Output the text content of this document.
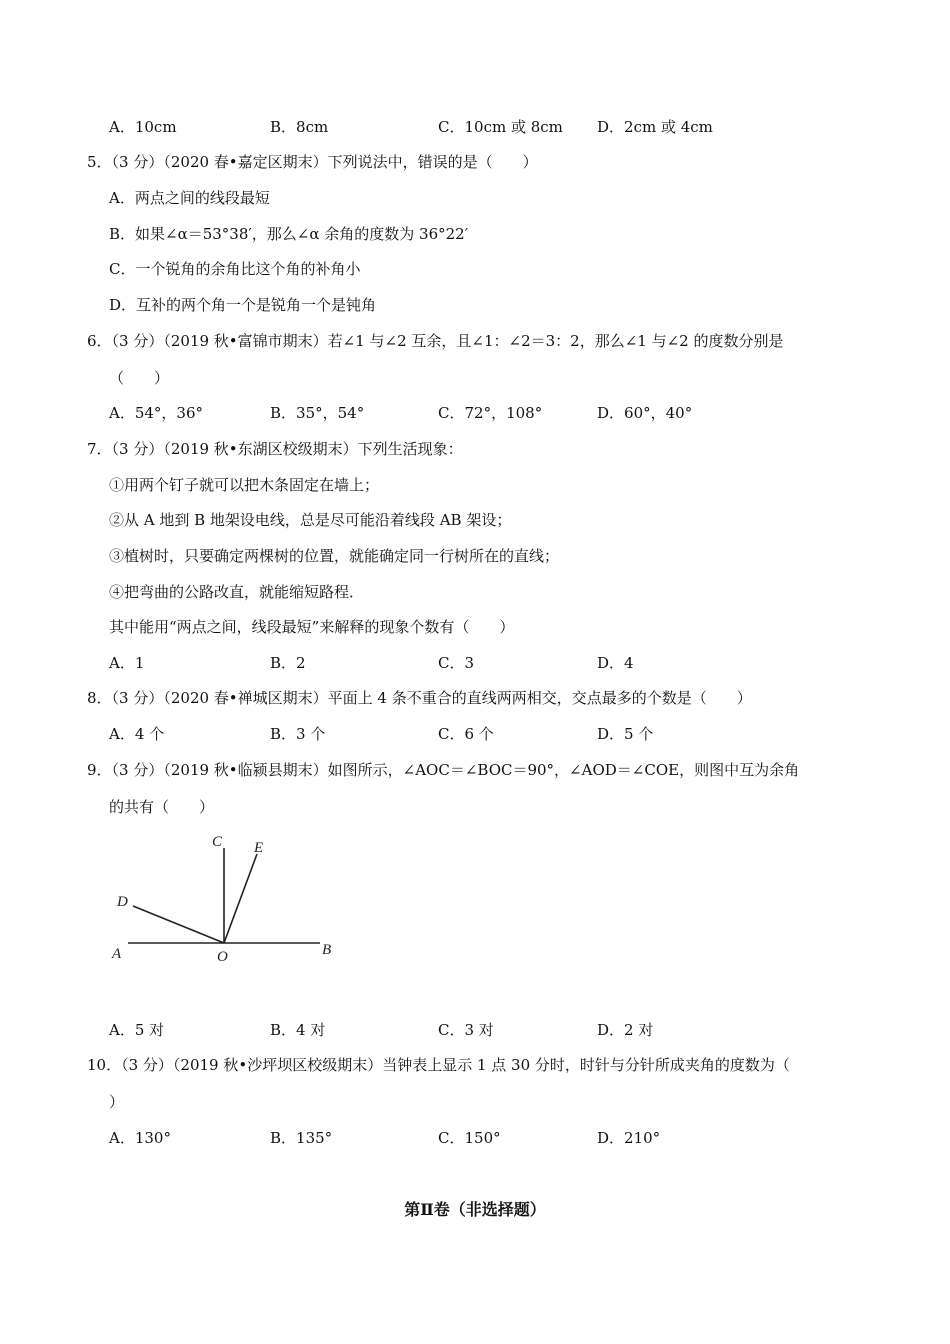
A．10cm	B．8cm	C．10cm 或 8cm D．2cm 或 4cm
5．（3 分）（2020 春•嘉定区期末）下列说法中，错误的是（　　）
A．两点之间的线段最短
B．如果∠α＝53°38′，那么∠α 余角的度数为 36°22′
C．一个锐角的余角比这个角的补角小
D．互补的两个角一个是锐角一个是钝角
6．（3 分）（2019 秋•富锦市期末）若∠1 与∠2 互余，且∠1：∠2＝3：2，那么∠1 与∠2 的度数分别是
（　　）
A．54°，36°	B．35°，54°	C．72°，108°	D．60°，40°
7．（3 分）（2019 秋•东湖区校级期末）下列生活现象：
①用两个钉子就可以把木条固定在墙上；
②从 A 地到 B 地架设电线，总是尽可能沿着线段 AB 架设；
③植树时，只要确定两棵树的位置，就能确定同一行树所在的直线；
④把弯曲的公路改直，就能缩短路程．
其中能用“两点之间，线段最短”来解释的现象个数有（　　）
A．1	B．2	C．3	D．4
8．（3 分）（2020 春•禅城区期末）平面上 4 条不重合的直线两两相交，交点最多的个数是（　　）
A．4 个	B．3 个	C．6 个	D．5 个
9．（3 分）（2019 秋•临颍县期末）如图所示，∠AOC＝∠BOC＝90°，∠AOD＝∠COE，则图中互为余角
的共有（　　）
C E
D
A	O	B
A．5 对	B．4 对	C．3 对	D．2 对
10．（3 分）（2019 秋•沙坪坝区校级期末）当钟表上显示 1 点 30 分时，时针与分针所成夹角的度数为（
）
A．130°	B．135°	C．150°	D．210°
第Ⅱ卷（非选择题）
